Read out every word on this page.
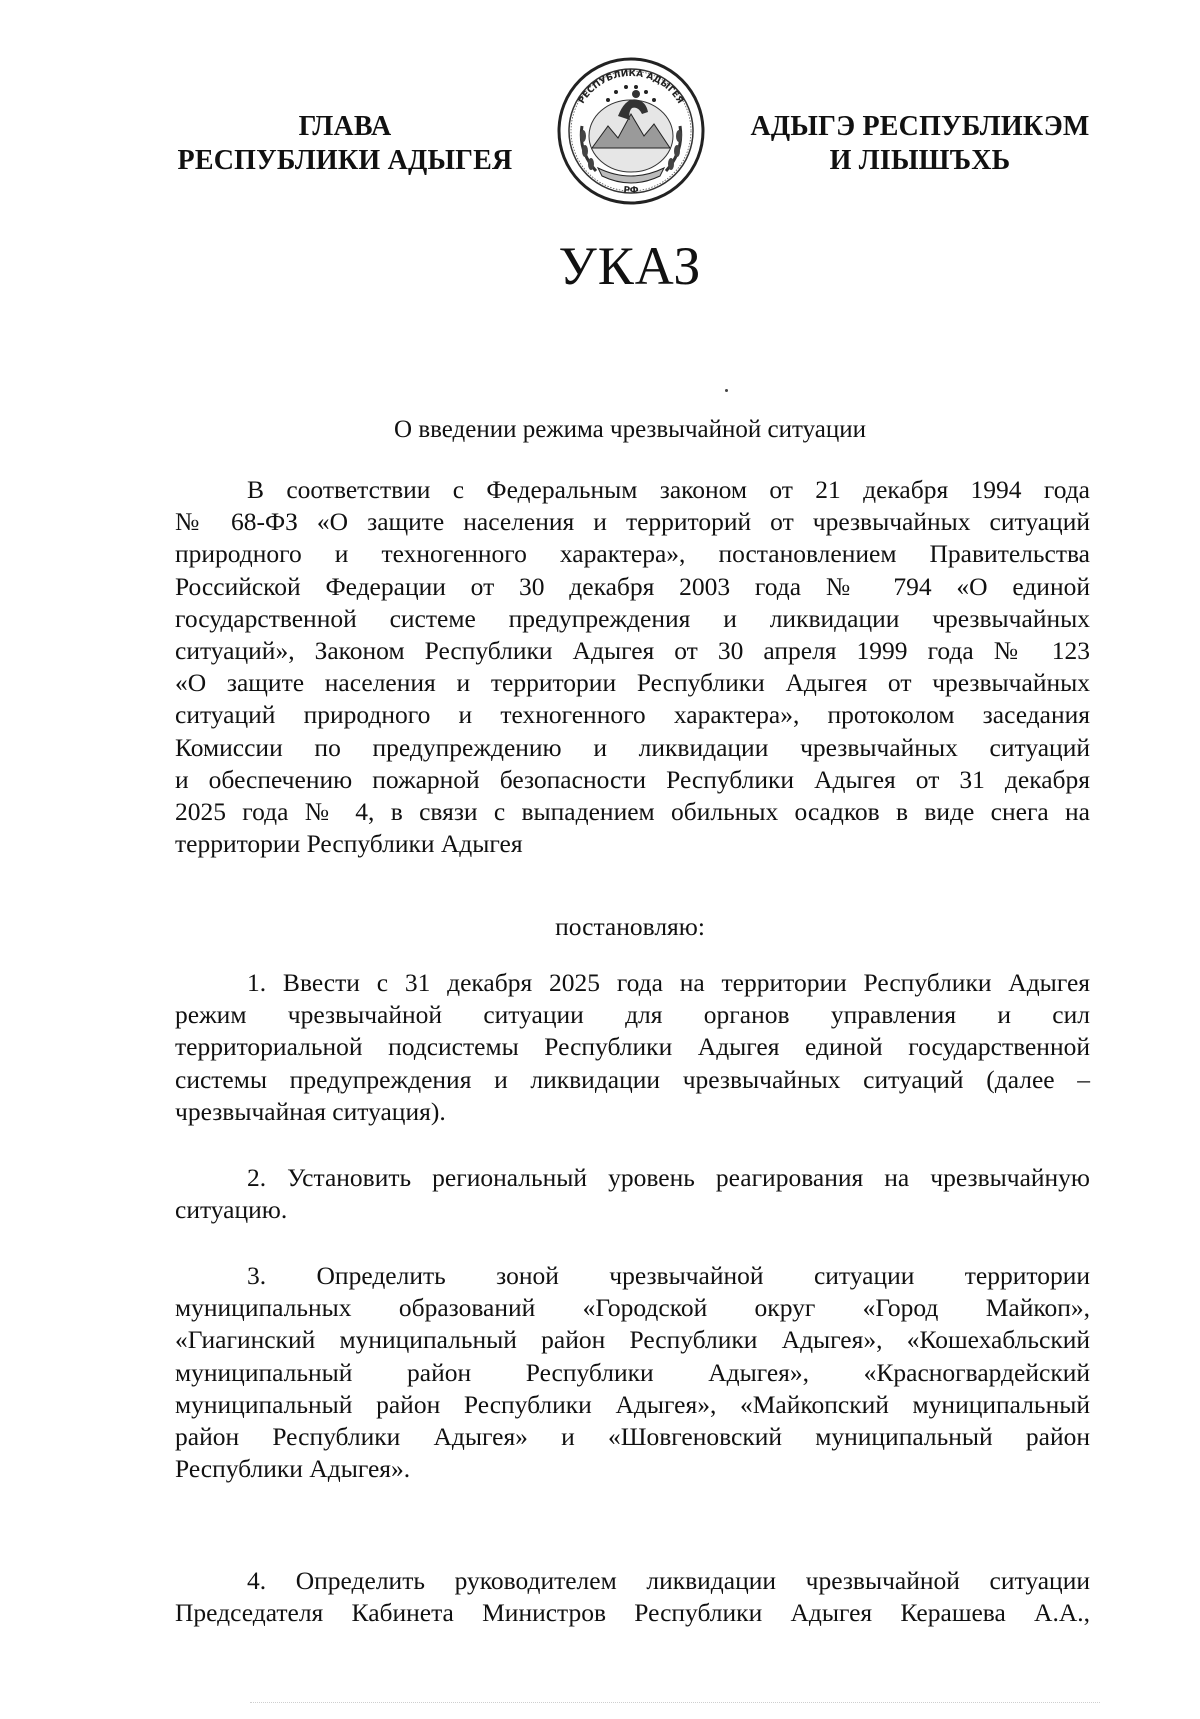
ГЛАВА
РЕСПУБЛИКИ АДЫГЕЯ
РЕСПУБЛИКА АДЫГЕЯ
РФ
АДЫГЭ РЕСПУБЛИКЭМ
И ЛІЫШЪХЬ
УКАЗ
О введении режима чрезвычайной ситуации
В соответствии с Федеральным законом от 21 декабря 1994 года
№ 68-ФЗ «О защите населения и территорий от чрезвычайных ситуаций
природного и техногенного характера», постановлением Правительства
Российской Федерации от 30 декабря 2003 года № 794 «О единой
государственной системе предупреждения и ликвидации чрезвычайных
ситуаций», Законом Республики Адыгея от 30 апреля 1999 года № 123
«О защите населения и территории Республики Адыгея от чрезвычайных
ситуаций природного и техногенного характера», протоколом заседания
Комиссии по предупреждению и ликвидации чрезвычайных ситуаций
и обеспечению пожарной безопасности Республики Адыгея от 31 декабря
2025 года № 4, в связи с выпадением обильных осадков в виде снега на
территории Республики Адыгея
постановляю:
1. Ввести с 31 декабря 2025 года на территории Республики Адыгея
режим чрезвычайной ситуации для органов управления и сил
территориальной подсистемы Республики Адыгея единой государственной
системы предупреждения и ликвидации чрезвычайных ситуаций (далее –
чрезвычайная ситуация).
2. Установить региональный уровень реагирования на чрезвычайную
ситуацию.
3. Определить зоной чрезвычайной ситуации территории
муниципальных образований «Городской округ «Город Майкоп»,
«Гиагинский муниципальный район Республики Адыгея», «Кошехабльский
муниципальный район Республики Адыгея», «Красногвардейский
муниципальный район Республики Адыгея», «Майкопский муниципальный
район Республики Адыгея» и «Шовгеновский муниципальный район
Республики Адыгея».
4. Определить руководителем ликвидации чрезвычайной ситуации
Председателя Кабинета Министров Республики Адыгея Керашева А.А.,
